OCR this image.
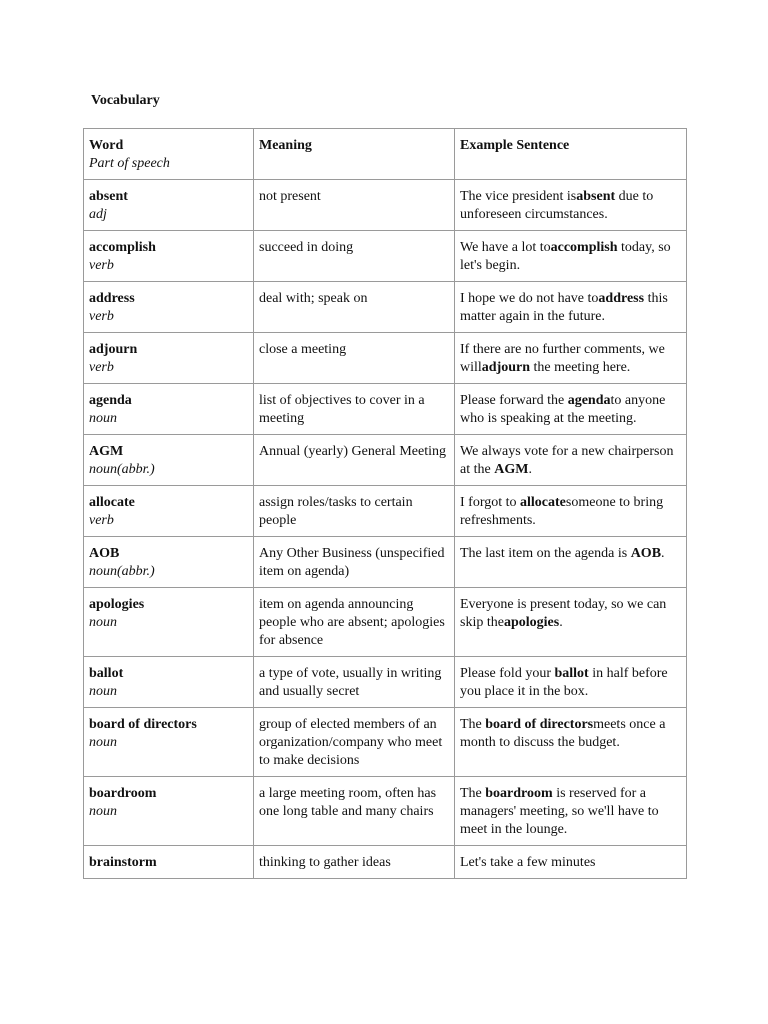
Vocabulary
Word
Part of speech	Meaning	Example Sentence

absent
adj	not present	The vice president isabsent due to unforeseen circumstances.

accomplish
verb	succeed in doing	We have a lot toaccomplish today, so let's begin.

address
verb	deal with; speak on	I hope we do not have toaddress this matter again in the future.

adjourn
verb	close a meeting	If there are no further comments, we willadjourn the meeting here.

agenda
noun	list of objectives to cover in a meeting	Please forward the agendato anyone who is speaking at the meeting.

AGM
noun(abbr.)	Annual (yearly) General Meeting	We always vote for a new chairperson at the AGM.

allocate
verb	assign roles/tasks to certain people	I forgot to allocatesomeone to bring refreshments.

AOB
noun(abbr.)	Any Other Business (unspecified item on agenda)	The last item on the agenda is AOB.

apologies
noun	item on agenda announcing people who are absent; apologies for absence	Everyone is present today, so we can skip theapologies.

ballot
noun	a type of vote, usually in writing and usually secret	Please fold your ballot in half before you place it in the box.

board of directors
noun	group of elected members of an organization/company who meet to make decisions	The board of directorsmeets once a month to discuss the budget.

boardroom
noun	a large meeting room, often has one long table and many chairs	The boardroom is reserved for a managers' meeting, so we'll have to meet in the lounge.

brainstorm	thinking to gather ideas	Let's take a few minutes
